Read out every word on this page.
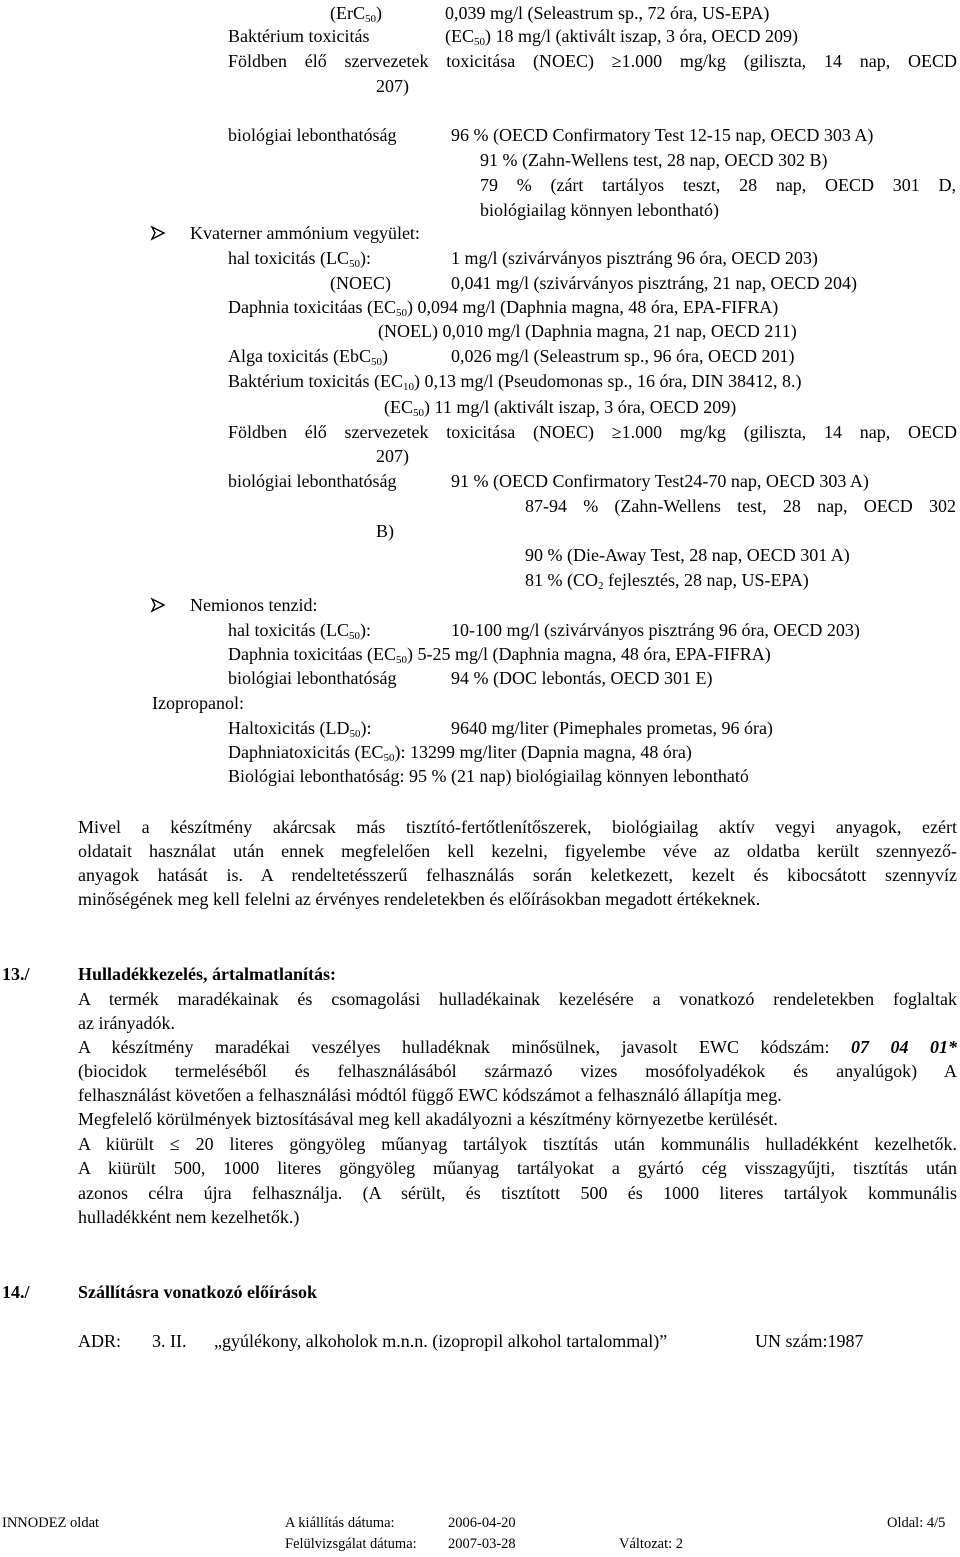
(ErC$_{50}$)	0,039 mg/l (Seleastrum sp., 72 óra, US-EPA)
Baktérium toxicitás	$(EC_{50})$ 18 mg/l (aktivált iszap, 3 óra, OECD 209)
Földben élő szervezetek toxicitása (NOEC) ≥1.000 mg/kg (giliszta, 14 nap, OECD
207)
biológiai lebonthatóság	96 % (OECD Confirmatory Test 12-15 nap, OECD 303 A)
91 % (Zahn-Wellens test, 28 nap, OECD 302 B)
79 % (zárt tartályos teszt, 28 nap, OECD 301 D,
biológiailag könnyen lebontható)
Kvaterner ammónium vegyület:
hal toxicitás $(LC_{50})$:	1 mg/l (szivárványos pisztráng 96 óra, OECD 203)
(NOEC)	0,041 mg/l (szivárványos pisztráng, 21 nap, OECD 204)
Daphnia toxicitáas $(EC_{50})$ 0,094 mg/l (Daphnia magna, 48 óra, EPA-FIFRA)
(NOEL) 0,010 mg/l (Daphnia magna, 21 nap, OECD 211)
Alga toxicitás (EbC$_{50}$)	0,026 mg/l (Seleastrum sp., 96 óra, OECD 201)
Baktérium toxicitás $(EC_{10})$ 0,13 mg/l (Pseudomonas sp., 16 óra, DIN 38412, 8.)
$(EC_{50})$ 11 mg/l (aktivált iszap, 3 óra, OECD 209)
Földben élő szervezetek toxicitása (NOEC) ≥1.000 mg/kg (giliszta, 14 nap, OECD
207)
biológiai lebonthatóság	91 % (OECD Confirmatory Test24-70 nap, OECD 303 A)
87-94 % (Zahn-Wellens test, 28 nap, OECD 302
B)
90 % (Die-Away Test, 28 nap, OECD 301 A)
81 % ($CO_2$ fejlesztés, 28 nap, US-EPA)
Nemionos tenzid:
hal toxicitás $(LC_{50})$:	10-100 mg/l (szivárványos pisztráng 96 óra, OECD 203)
Daphnia toxicitáas $(EC_{50})$ 5-25 mg/l (Daphnia magna, 48 óra, EPA-FIFRA)
biológiai lebonthatóság	94 % (DOC lebontás, OECD 301 E)
Izopropanol:
Haltoxicitás $(LD_{50})$:	9640 mg/liter (Pimephales prometas, 96 óra)
Daphniatoxicitás $(EC_{50})$: 13299 mg/liter (Dapnia magna, 48 óra)
Biológiai lebonthatóság: 95 % (21 nap) biológiailag könnyen lebontható
Mivel a készítmény akárcsak más tisztító-fertőtlenítőszerek, biológiailag aktív vegyi anyagok, ezért
oldatait használat után ennek megfelelően kell kezelni, figyelembe véve az oldatba került szennyező-
anyagok hatását is. A rendeltetésszerű felhasználás során keletkezett, kezelt és kibocsátott szennyvíz
minőségének meg kell felelni az érvényes rendeletekben és előírásokban megadott értékeknek.
13./	Hulladékkezelés, ártalmatlanítás:
A termék maradékainak és csomagolási hulladékainak kezelésére a vonatkozó rendeletekben foglaltak
az irányadók.
A készítmény maradékai veszélyes hulladéknak minősülnek, javasolt EWC kódszám: 07 04 01*
(biocidok termeléséből és felhasználásából származó vizes mosófolyadékok és anyalúgok) A
felhasználást követően a felhasználási módtól függő EWC kódszámot a felhasználó állapítja meg.
Megfelelő körülmények biztosításával meg kell akadályozni a készítmény környezetbe kerülését.
A kiürült ≤ 20 literes göngyöleg műanyag tartályok tisztítás után kommunális hulladékként kezelhetők.
A kiürült 500, 1000 literes göngyöleg műanyag tartályokat a gyártó cég visszagyűjti, tisztítás után
azonos célra újra felhasználja. (A sérült, és tisztított 500 és 1000 literes tartályok kommunális
hulladékként nem kezelhetők.)
14./	Szállításra vonatkozó előírások
ADR: 3. II. „gyúlékony, alkoholok m.n.n. (izopropil alkohol tartalommal)”	UN szám:1987
INNODEZ oldat	A kiállítás dátuma:	2006-04-20	Oldal: 4/5
Felülvizsgálat dátuma: 2007-03-28	Változat: 2
